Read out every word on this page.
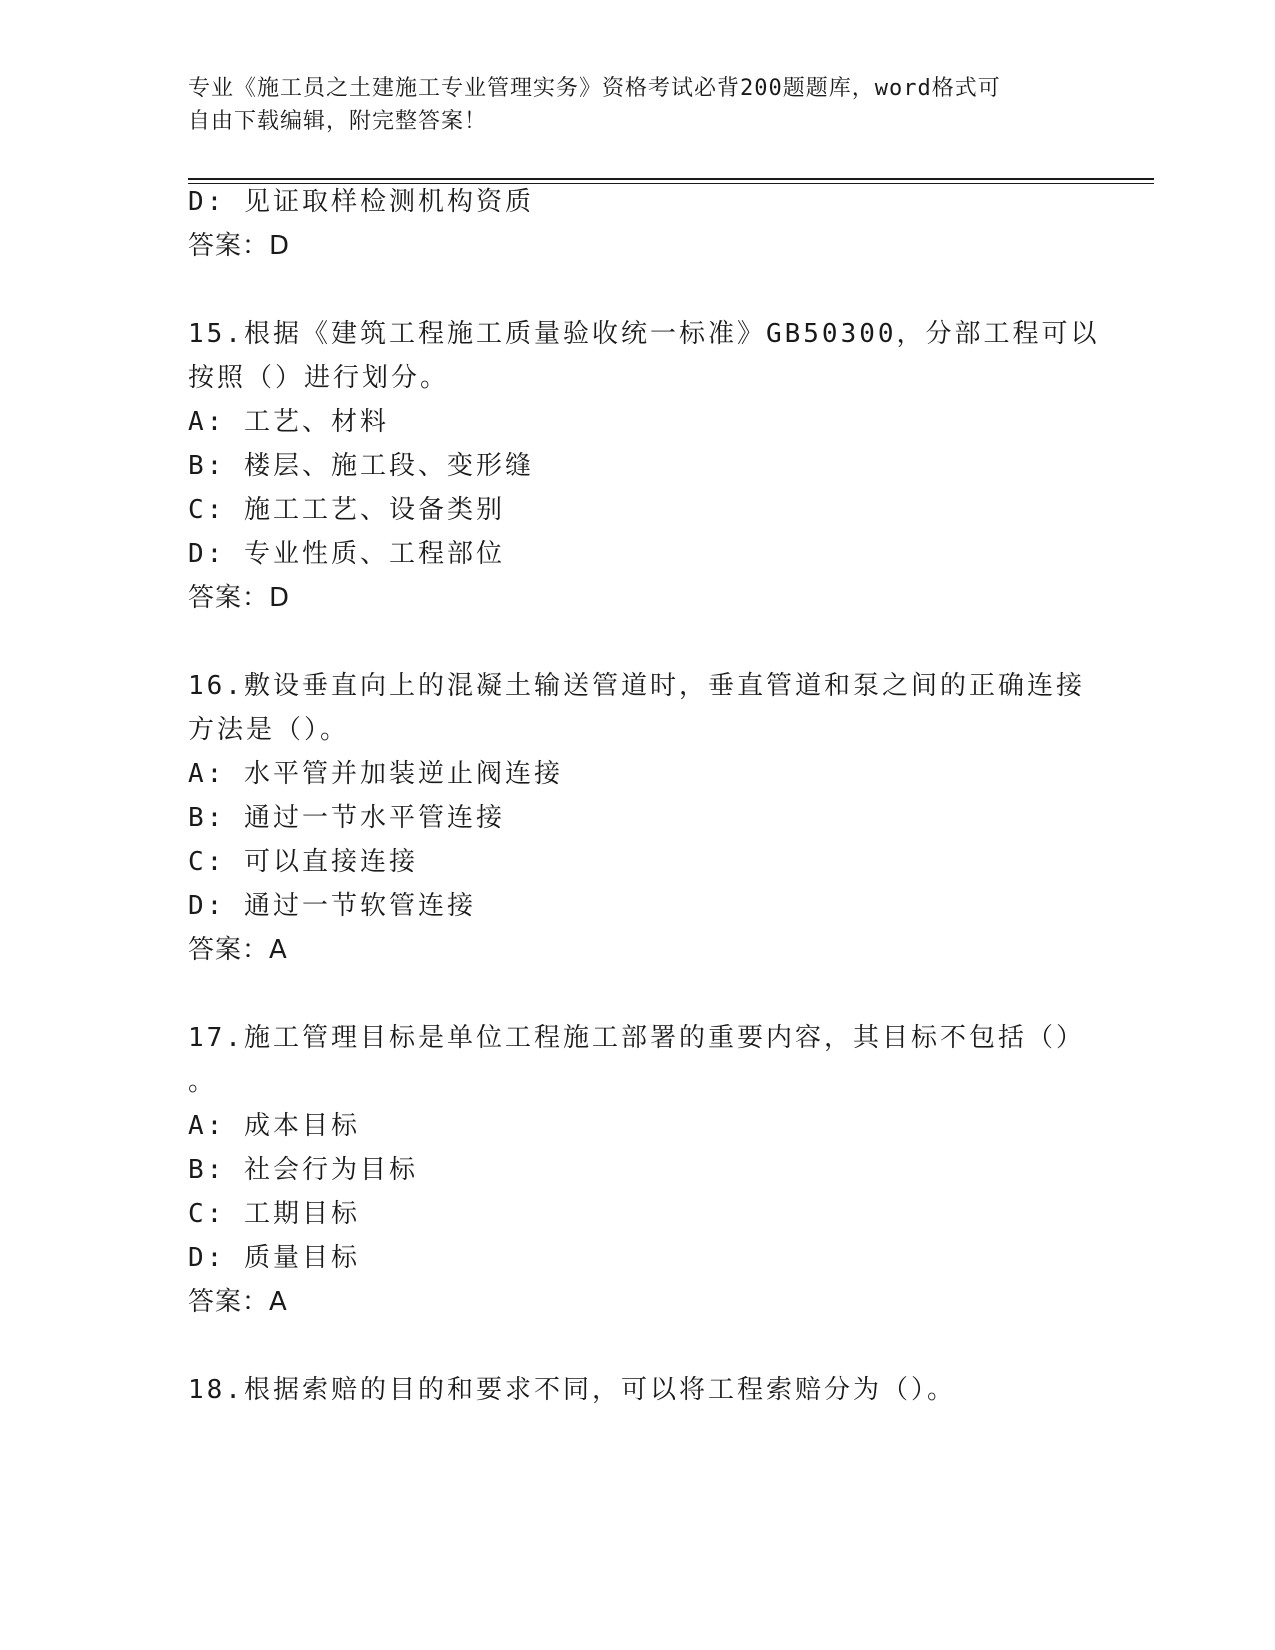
专业《施工员之土建施工专业管理实务》资格考试必背200题题库，word格式可
自由下载编辑，附完整答案！
D: 见证取样检测机构资质
答案：D
15.根据《建筑工程施工质量验收统一标准》GB50300，分部工程可以
按照（）进行划分。
A: 工艺、材料
B: 楼层、施工段、变形缝
C: 施工工艺、设备类别
D: 专业性质、工程部位
答案：D
16.敷设垂直向上的混凝土输送管道时，垂直管道和泵之间的正确连接
方法是（）。
A: 水平管并加装逆止阀连接
B: 通过一节水平管连接
C: 可以直接连接
D: 通过一节软管连接
答案：A
17.施工管理目标是单位工程施工部署的重要内容，其目标不包括（）
。
A: 成本目标
B: 社会行为目标
C: 工期目标
D: 质量目标
答案：A
18.根据索赔的目的和要求不同，可以将工程索赔分为（）。
